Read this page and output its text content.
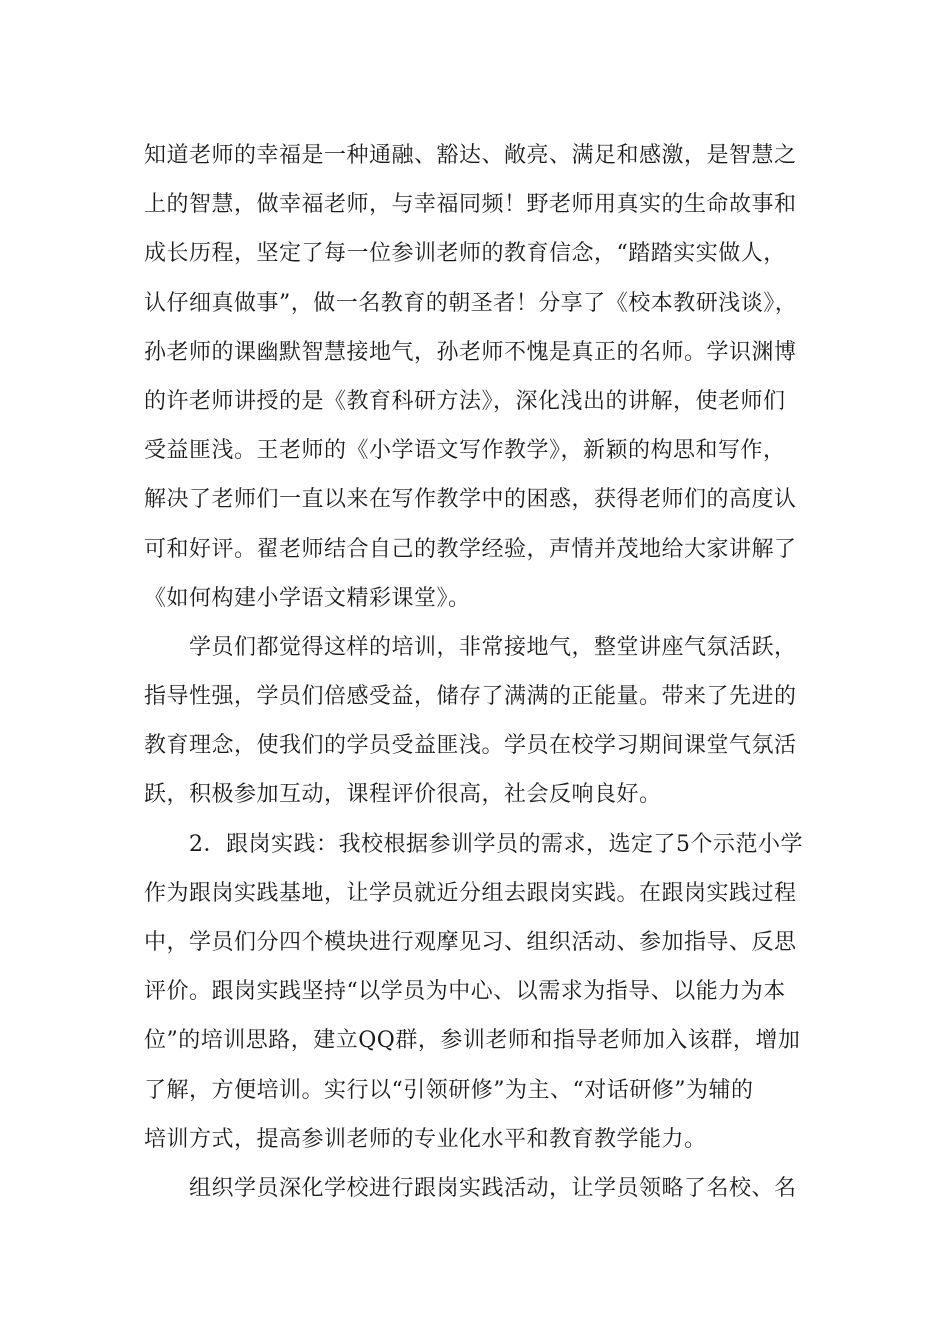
知道老师的幸福是一种通融、豁达、敞亮、满足和感激，是智慧之
上的智慧，做幸福老师，与幸福同频！野老师用真实的生命故事和
成长历程，坚定了每一位参训老师的教育信念，“踏踏实实做人，
认仔细真做事”，做一名教育的朝圣者！分享了《校本教研浅谈》，
孙老师的课幽默智慧接地气，孙老师不愧是真正的名师。学识渊博
的许老师讲授的是《教育科研方法》，深化浅出的讲解，使老师们
受益匪浅。王老师的《小学语文写作教学》，新颖的构思和写作，
解决了老师们一直以来在写作教学中的困惑，获得老师们的高度认
可和好评。翟老师结合自己的教学经验，声情并茂地给大家讲解了
《如何构建小学语文精彩课堂》。
学员们都觉得这样的培训，非常接地气，整堂讲座气氛活跃，
指导性强，学员们倍感受益，储存了满满的正能量。带来了先进的
教育理念，使我们的学员受益匪浅。学员在校学习期间课堂气氛活
跃，积极参加互动，课程评价很高，社会反响良好。
2．跟岗实践：我校根据参训学员的需求，选定了5个示范小学
作为跟岗实践基地，让学员就近分组去跟岗实践。在跟岗实践过程
中，学员们分四个模块进行观摩见习、组织活动、参加指导、反思
评价。跟岗实践坚持“以学员为中心、以需求为指导、以能力为本
位”的培训思路，建立QQ群，参训老师和指导老师加入该群，增加
了解，方便培训。实行以“引领研修”为主、“对话研修”为辅的
培训方式，提高参训老师的专业化水平和教育教学能力。
组织学员深化学校进行跟岗实践活动，让学员领略了名校、名
